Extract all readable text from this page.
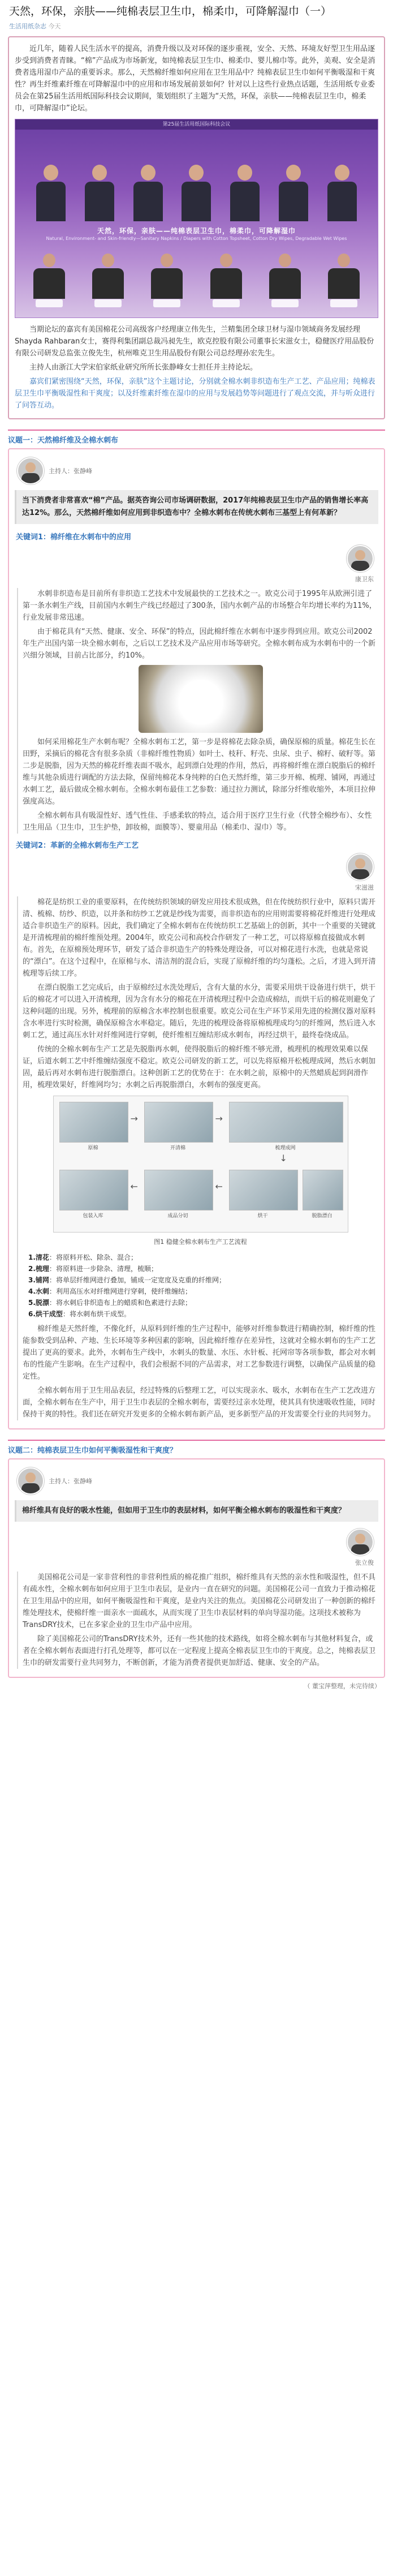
天然，环保，亲肤——纯棉表层卫生巾，棉柔巾，可降解湿巾（一）
生活用纸杂志 今天

近几年，随着人民生活水平的提高，消费升级以及对环保的逐步重视，安全、天然、环境友好型卫生用品逐步受到消费者青睐。“棉”产品成为市场新宠，如纯棉表层卫生巾、棉柔巾、婴儿棉巾等。此外，美观、安全是消费者选用湿巾产品的重要诉求。那么，天然棉纤维如何应用在卫生用品中？纯棉表层卫生巾如何平衡吸湿和干爽性？再生纤维素纤维在可降解湿巾中的应用和市场发展前景如何？针对以上这些行业热点话题，生活用纸专业委员会在第25届生活用纸国际科技会议期间，策划组织了主题为“天然，环保，亲肤——纯棉表层卫生巾，棉柔巾，可降解湿巾”论坛。

第25届生活用纸国际科技会议
天然，环保，亲肤——纯棉表层卫生巾，棉柔巾，可降解湿巾
Natural, Environment- and Skin-friendly—Sanitary Napkins / Diapers with Cotton Topsheet, Cotton Dry Wipes, Degradable Wet Wipes

当期论坛的嘉宾有美国棉花公司高级客户经理康立伟先生，兰精集团全球卫材与湿巾领域商务发展经理Shayda Rahbaran女士，赛得利集团副总裁冯昶先生，欧克控股有限公司董事长宋滋女士，稳健医疗用品股份有限公司研发总监张立俊先生，杭州唯克卫生用品股份有限公司总经理孙宏先生。

主持人由浙江大学宋伯家纸业研究所所长张静峰女士担任并主持论坛。

嘉宾们紧密围绕“天然，环保，亲肤”这个主题讨论，分别就全棉水刺非织造布生产工艺、产品应用；纯棉表层卫生巾平衡吸湿性和干爽度；以及纤维素纤维在湿巾的应用与发展趋势等问题进行了观点交流，并与听众进行了问答互动。

议题一：天然棉纤维及全棉水刺布
主持人：张静峰
当下消费者非常喜欢“棉”产品。据英咨询公司市场调研数据，2017年纯棉表层卫生巾产品的销售增长率高达12%。那么，天然棉纤维如何应用到非织造布中？全棉水刺布在传统水刺布三基型上有何革新？
关键词1：棉纤维在水刺布中的应用
康卫东

水刺非织造布是目前所有非织造工艺技术中发展最快的工艺技术之一。欧克公司于1995年从欧洲引进了第一条水刺生产线，目前国内水刺生产线已经超过了300条，国内水刺产品的市场整合年均增长率约为11%，行业发展非常迅速。

由于棉花具有“天然、健康、安全、环保”的特点，因此棉纤维在水刺布中逐步得到应用。欧克公司2002年生产出国内第一块全棉水刺布，之后以工艺技术及产品应用市场等研究。全棉水刺布成为水刺布中的一个新兴细分领域，目前占比部分，约10%。

如何采用棉花生产水刺布呢？全棉水刺布工艺，第一步是将棉花去除杂质，确保原棉的质量。棉花生长在田野，采摘后的棉花含有很多杂质（非棉纤维性物质）如叶土、枝秆、籽壳、虫尿、虫子、棉籽、破籽等。第二步是脱脂，因为天然的棉花纤维表面不吸水，起到漂白处理的作用，然后，再将棉纤维在漂白脱脂后的棉纤维与其他杂质进行调配的方法去除，保留纯棉花本身纯粹的白色天然纤维，第三步开棉、梳理、铺网，再通过水刺工艺，最后做成全棉水刺布。全棉水刺布最佳工艺参数：通过拉力测试，除部分纤维收缩外，本项目拉伸强度高达。

全棉水刺布具有吸湿性好、透气性佳、手感柔软的特点，适合用于医疗卫生行业（代替全棉纱布）、女性卫生用品（卫生巾，卫生护垫，卸妆棉，面膜等）、婴童用品（棉柔巾、湿巾）等。

关键词2：革新的全棉水刺布生产工艺
宋滋滋

棉花是纺织工业的重要原料，在传统纺织领域的研发应用技术很成熟，但在传统纺织行业中，原料只需开清、梳棉、纺纱、织造，以并条和纺纱工艺就是纱线为需要，而非织造布的应用则需要将棉花纤维进行处理成适合非织造生产的原料。因此，我们确定了全棉水刺布在传统纺织工艺基础上的创新，其中一个重要的关键就是开清梳理前的棉纤维预处理。2004年，欧克公司和高校合作研发了一种工艺，可以将原棉直接做成水刺布。首先，在原棉预处理环节，研发了适合非织造生产的特殊处理设备，可以对棉花进行水洗，也就是常说的“漂白”。在这个过程中，在原棉与水、清洁剂的混合后，实现了原棉纤维的均匀蓬松。之后，才进入到开清梳理等后续工序。

在漂白脱脂工艺完成后，由于原棉经过水洗处理后，含有大量的水分，需要采用烘干设备进行烘干，烘干后的棉花才可以进入开清梳理，因为含有水分的棉花在开清梳理过程中会造成棉结，而烘干后的棉花则避免了这种问题的出现。另外，梳理前的原棉含水率控制也很重要。欧克公司在生产环节采用先进的检测仪器对原料含水率进行实时检测，确保原棉含水率稳定。随后，先进的梳理设备将原棉梳理成均匀的纤维网，然后进入水刺工艺，通过高压水针对纤维网进行穿刺，使纤维相互缠结形成水刺布，再经过烘干，最终卷绕成品。

传统的全棉水刺布生产工艺是先脱脂再水刺，使得脱脂后的棉纤维不够光滑，梳理机的梳理效果难以保证，后道水刺工艺中纤维缠结强度不稳定。欧克公司研发的新工艺，可以先将原棉开松梳理成网，然后水刺加固，最后再对水刺布进行脱脂漂白。这种创新工艺的优势在于：在水刺之前，原棉中的天然蜡质起到润滑作用，梳理效果好，纤维网均匀；水刺之后再脱脂漂白，水刺布的强度更高。

原棉
→
开清棉
→
梳理成网
↓
包装入库
←
成品分切
←
烘干	脱脂漂白
图1 稳健全棉水刺布生产工艺流程
1.清花：将原料开松、除杂、混合；
2.梳理：将原料进一步除杂、清理，梳顺；
3.铺网：将单层纤维网进行叠加，铺成一定宽度及克重的纤维网；
4.水刺：利用高压水对纤维网进行穿刺，使纤维缠结；
5.脱漂：将水刺后非织造布上的蜡质和色素进行去除；
6.烘干成型：将水刺布烘干成型。

棉纤维是天然纤维，不像化纤，从原料到纤维的生产过程中，能够对纤维参数进行精确控制，棉纤维的性能参数受到品种、产地、生长环境等多种因素的影响，因此棉纤维存在差异性，这就对全棉水刺布的生产工艺提出了更高的要求。此外，水刺布生产线中，水刺头的数量、水压、水针板、托网帘等各项参数，都会对水刺布的性能产生影响。在生产过程中，我们会根据不同的产品需求，对工艺参数进行调整，以确保产品质量的稳定性。

全棉水刺布用于卫生用品表层，经过特殊的后整理工艺，可以实现亲水、吸水，水刺布在生产工艺改进方面，全棉水刺布在生产中，用于卫生巾表层的全棉水刺布，需要经过亲水处理，使其具有快速吸收性能，同时保持干爽的特性。我们还在研究开发更多的全棉水刺布新产品，更多新型产品的开发需要全行业的共同努力。

议题二：纯棉表层卫生巾如何平衡吸湿性和干爽度？
主持人：张静峰
棉纤维具有良好的吸水性能，但如用于卫生巾的表层材料，如何平衡全棉水刺布的吸湿性和干爽度？
张立俊

美国棉花公司是一家非营利性的非营利性质的棉花推广组织，棉纤维具有天然的亲水性和吸湿性，但不具有疏水性，全棉水刺布如何应用于卫生巾表层，是业内一直在研究的问题。美国棉花公司一直致力于推动棉花在卫生用品中的应用，如何平衡吸湿性和干爽度，是业内关注的焦点。美国棉花公司研发出了一种创新的棉纤维处理技术，使棉纤维一面亲水一面疏水，从而实现了卫生巾表层材料的单向导湿功能。这项技术被称为TransDRY技术，已在多家企业的卫生巾产品中应用。

除了美国棉花公司的TransDRY技术外，还有一些其他的技术路线，如将全棉水刺布与其他材料复合，或者在全棉水刺布表面进行打孔处理等，都可以在一定程度上提高全棉表层卫生巾的干爽度。总之，纯棉表层卫生巾的研发需要行业共同努力，不断创新，才能为消费者提供更加舒适、健康、安全的产品。

（ 董宝萍整理，未完待续）
